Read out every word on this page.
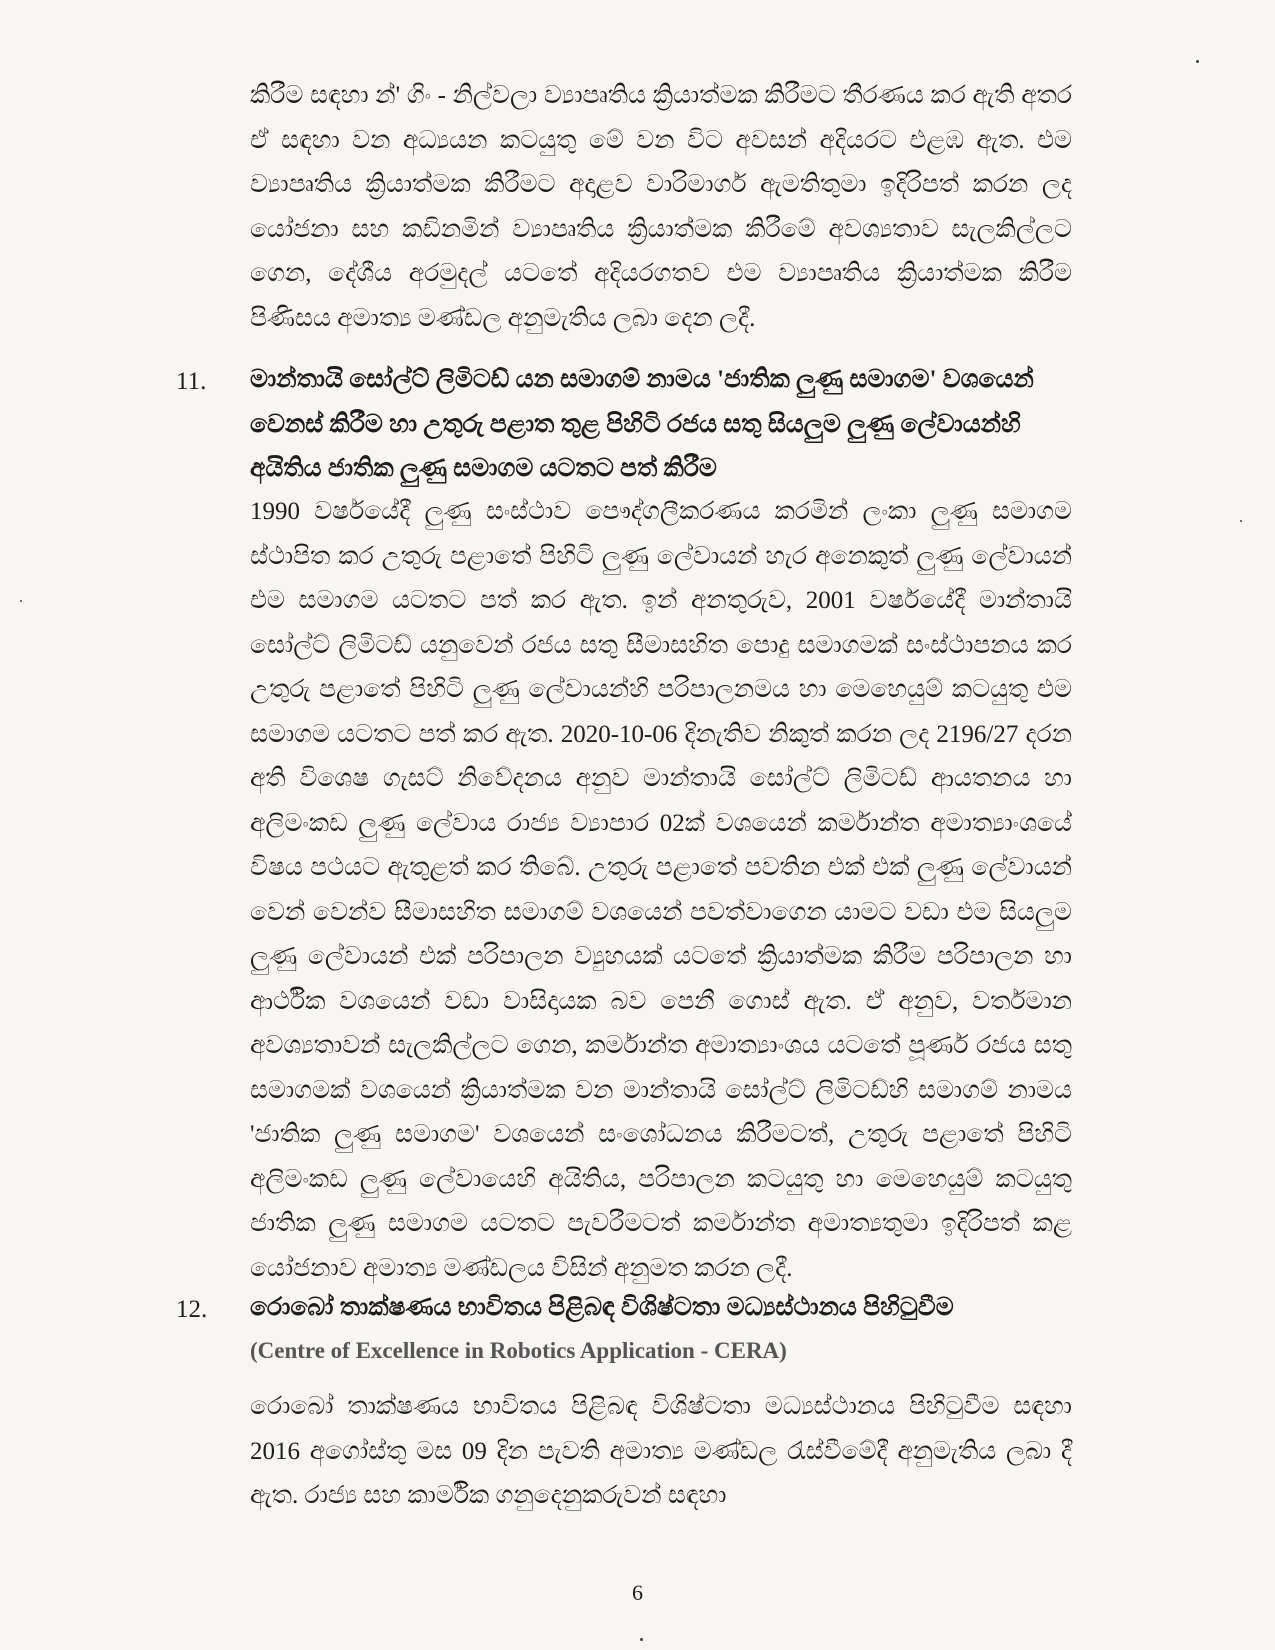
කිරීම සඳහා න්' ගිං - නිල්වලා ව්‍යාපෘතිය ක්‍රියාත්මක කිරීමට තීරණය කර ඇති අතර ඒ සඳහා වන අධ්‍යයන කටයුතු මේ වන විට අවසන් අදියරට එළඹ ඇත. එම ව්‍යාපෘතිය ක්‍රියාත්මක කිරීමට අදාළව වාරිමාර්ග ඇමතිතුමා ඉදිරිපත් කරන ලද යෝජනා සහ කඩිනමින් ව්‍යාපෘතිය ක්‍රියාත්මක කිරීමේ අවශ්‍යතාව සැලකිල්ලට ගෙන, දේශීය අරමුදල් යටතේ අදියරගතව එම ව්‍යාපෘතිය ක්‍රියාත්මක කිරීම පිණිසය අමාත්‍ය මණ්ඩල අනුමැතිය ලබා දෙන ලදී.

11. මාන්තායි සෝල්ට් ලිමිටඩ් යන සමාගම් නාමය 'ජාතික ලුණු සමාගම' වශයෙන් වෙනස් කිරීම හා උතුරු පළාත තුළ පිහිටි රජය සතු සියලුම ලුණු ලේවායන්හි අයිතිය ජාතික ලුණු සමාගම යටතට පත් කිරීම

1990 වර්ෂයේදී ලුණු සංස්ථාව පෞද්ගලීකරණය කරමින් ලංකා ලුණු සමාගම ස්ථාපිත කර උතුරු පළාතේ පිහිටි ලුණු ලේවායන් හැර අනෙකුත් ලුණු ලේවායන් එම සමාගම යටතට පත් කර ඇත. ඉන් අනතුරුව, 2001 වර්ෂයේදී මාන්තායි සෝල්ට් ලිමිටඩ් යනුවෙන් රජය සතු සීමාසහිත පොදු සමාගමක් සංස්ථාපනය කර උතුරු පළාතේ පිහිටි ලුණු ලේවායන්හි පරිපාලනමය හා මෙහෙයුම් කටයුතු එම සමාගම යටතට පත් කර ඇත. 2020-10-06 දිනැතිව නිකුත් කරන ලද 2196/27 දරන අති විශෙෂ ගැසට් නිවේදනය අනුව මාන්තායි සෝල්ට් ලිමිටඩ් ආයතනය හා අලිමංකඩ ලුණු ලේවාය රාජ්‍ය ව්‍යාපාර 02ක් වශයෙන් කර්මාන්ත අමාත්‍යාංශයේ විෂය පථයට ඇතුළත් කර තිබේ. උතුරු පළාතේ පවතින එක් එක් ලුණු ලේවායන් වෙන් වෙන්ව සීමාසහිත සමාගම් වශයෙන් පවත්වාගෙන යාමට වඩා එම සියලුම ලුණු ලේවායන් එක් පරිපාලන ව්‍යුහයක් යටතේ ක්‍රියාත්මක කිරීම පරිපාලන හා ආර්ථික වශයෙන් වඩා වාසිදායක බව පෙනී ගොස් ඇත. ඒ අනුව, වර්තමාන අවශ්‍යතාවන් සැලකිල්ලට ගෙන, කර්මාන්ත අමාත්‍යාංශය යටතේ පූර්ණ රජය සතු සමාගමක් වශයෙන් ක්‍රියාත්මක වන මාන්තායි සෝල්ට් ලිමිටඩ්හි සමාගම් නාමය 'ජාතික ලුණු සමාගම' වශයෙන් සංශෝධනය කිරීමටත්, උතුරු පළාතේ පිහිටි අලිමංකඩ ලුණු ලේවායෙහි අයිතිය, පරිපාලන කටයුතු හා මෙහෙයුම් කටයුතු ජාතික ලුණු සමාගම යටතට පැවරීමටත් කර්මාන්ත අමාත්‍යතුමා ඉදිරිපත් කළ යෝජනාව අමාත්‍ය මණ්ඩලය විසින් අනුමත කරන ලදී.

12. රොබෝ තාක්ෂණය භාවිතය පිළිබඳ විශිෂ්ටතා මධ්‍යස්ථානය පිහිටුවීම

(Centre of Excellence in Robotics Application - CERA)

රොබෝ තාක්ෂණය භාවිතය පිළිබඳ විශිෂ්ටතා මධ්‍යස්ථානය පිහිටුවීම සඳහා 2016 අගෝස්තු මස 09 දින පැවති අමාත්‍ය මණ්ඩල රැස්වීමේදී අනුමැතිය ලබා දී ඇත. රාජ්‍ය සහ කාර්මික ගනුදෙනුකරුවන් සඳහා

6
